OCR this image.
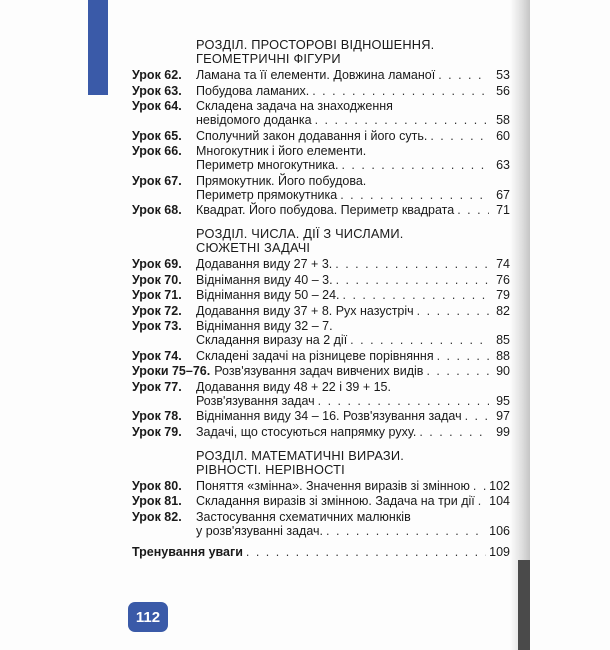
РОЗДІЛ. ПРОСТОРОВІ ВІДНОШЕННЯ.
ГЕОМЕТРИЧНІ ФІГУРИ
Урок 62.	Ламана та її елементи. Довжина ламаної . . .	53
Урок 63.	Побудова ламаних. . . .	56
Урок 64.	Складена задача на знаходження
невідомого доданка . . .	58
Урок 65.	Сполучний закон додавання і його суть. . . .	60
Урок 66.	Многокутник і його елементи.
Периметр многокутника. . . .	63
Урок 67.	Прямокутник. Його побудова.
Периметр прямокутника . . .	67
Урок 68.	Квадрат. Його побудова. Периметр квадрата . . .	71
РОЗДІЛ. ЧИСЛА. ДІЇ З ЧИСЛАМИ.
СЮЖЕТНІ ЗАДАЧІ
Урок 69.	Додавання виду 27 + 3. . . .	74
Урок 70.	Віднімання виду 40 – 3. . . .	76
Урок 71.	Віднімання виду 50 – 24. . . .	79
Урок 72.	Додавання виду 37 + 8. Рух назустріч . . .	82
Урок 73.	Віднімання виду 32 – 7.
Складання виразу на 2 дії . . .	85
Урок 74.	Складені задачі на різницеве порівняння . . .	88
Уроки 75–76. Розв'язування задач вивчених видів . . .	90
Урок 77.	Додавання виду 48 + 22 і 39 + 15.
Розв'язування задач . . .	95
Урок 78.	Віднімання виду 34 – 16. Розв'язування задач . . .	97
Урок 79.	Задачі, що стосуються напрямку руху. . . .	99
РОЗДІЛ. МАТЕМАТИЧНІ ВИРАЗИ.
РІВНОСТІ. НЕРІВНОСТІ
Урок 80.	Поняття «змінна». Значення виразів зі змінною . . . 102
Урок 81.	Складання виразів зі змінною. Задача на три дії . . . 104
Урок 82.	Застосування схематичних малюнків
у розв'язуванні задач. . . .	106
Тренування уваги . . .	109
112
